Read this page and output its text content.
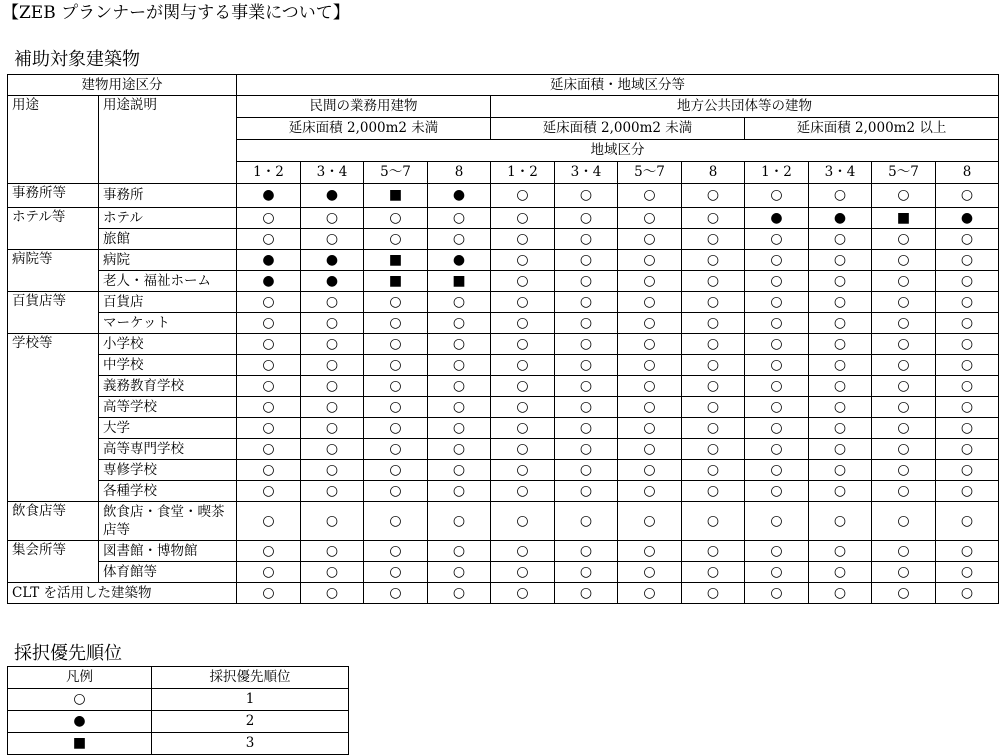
【ZEB プランナーが関与する事業について】
補助対象建築物
建物用途区分		延床面積・地域区分等											
用途	用途説明	民間の業務用建物				地方公共団体等の建物							
		延床面積 2,000m2 未満				延床面積 2,000m2 未満				延床面積 2,000m2 以上			
		地域区分											
		1・2	3・4	5～7	8	1・2	3・4	5～7	8	1・2	3・4	5～7	8
事務所等	事務所	●	●	■	●	○	○	○	○	○	○	○	○
ホテル等	ホテル	○	○	○	○	○	○	○	○	●	●	■	●
	旅館	○	○	○	○	○	○	○	○	○	○	○	○
病院等	病院	●	●	■	●	○	○	○	○	○	○	○	○
	老人・福祉ホーム	●	●	■	■	○	○	○	○	○	○	○	○
百貨店等	百貨店	○	○	○	○	○	○	○	○	○	○	○	○
	マーケット	○	○	○	○	○	○	○	○	○	○	○	○
学校等	小学校	○	○	○	○	○	○	○	○	○	○	○	○
	中学校	○	○	○	○	○	○	○	○	○	○	○	○
	義務教育学校	○	○	○	○	○	○	○	○	○	○	○	○
	高等学校	○	○	○	○	○	○	○	○	○	○	○	○
	大学	○	○	○	○	○	○	○	○	○	○	○	○
	高等専門学校	○	○	○	○	○	○	○	○	○	○	○	○
	専修学校	○	○	○	○	○	○	○	○	○	○	○	○
	各種学校	○	○	○	○	○	○	○	○	○	○	○	○
飲食店等	飲食店・食堂・喫茶店等	○	○	○	○	○	○	○	○	○	○	○	○
集会所等	図書館・博物館	○	○	○	○	○	○	○	○	○	○	○	○
	体育館等	○	○	○	○	○	○	○	○	○	○	○	○
CLT を活用した建築物		○	○	○	○	○	○	○	○	○	○	○	○
採択優先順位
凡例	採択優先順位
○	1
●	2
■	3
